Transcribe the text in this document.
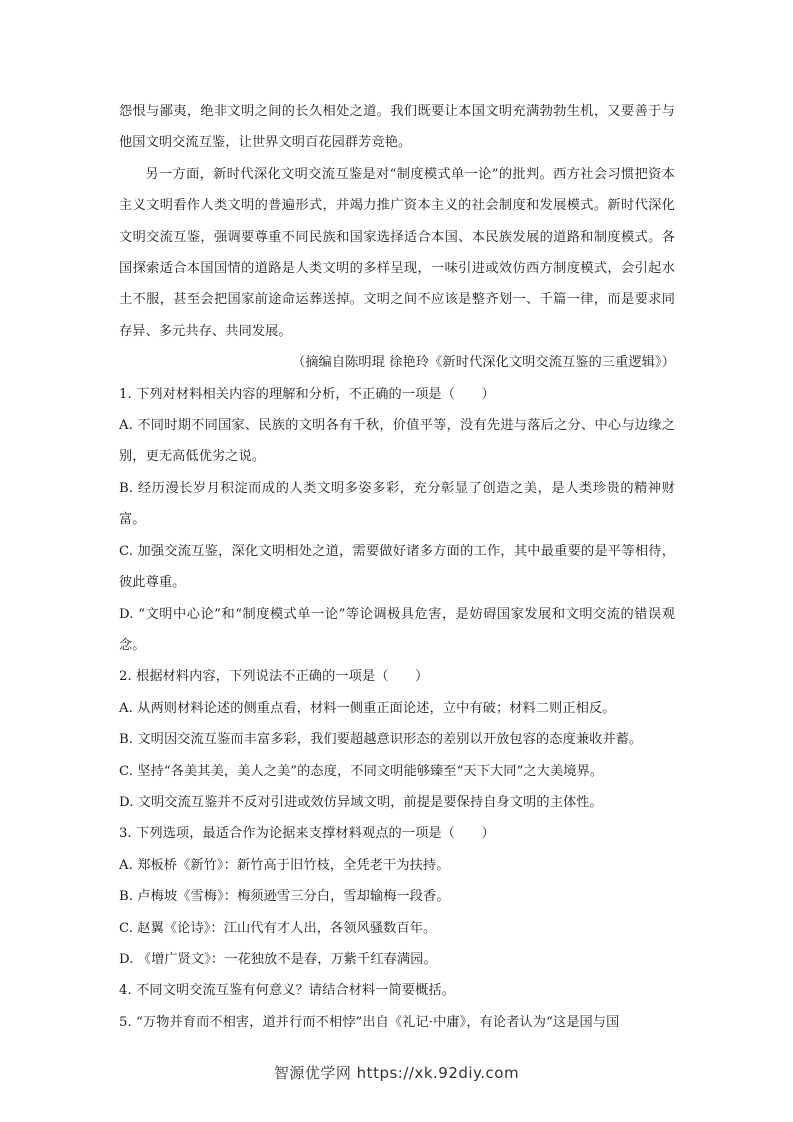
怨恨与鄙夷，绝非文明之间的长久相处之道。我们既要让本国文明充满勃勃生机，又要善于与他国文明交流互鉴，让世界文明百花园群芳竞艳。

另一方面，新时代深化文明交流互鉴是对“制度模式单一论”的批判。西方社会习惯把资本主义文明看作人类文明的普遍形式，并竭力推广资本主义的社会制度和发展模式。新时代深化文明交流互鉴，强调要尊重不同民族和国家选择适合本国、本民族发展的道路和制度模式。各国探索适合本国国情的道路是人类文明的多样呈现，一味引进或效仿西方制度模式，会引起水土不服，甚至会把国家前途命运葬送掉。文明之间不应该是整齐划一、千篇一律，而是要求同存异、多元共存、共同发展。

（摘编自陈明琨 徐艳玲《新时代深化文明交流互鉴的三重逻辑》）

1. 下列对材料相关内容的理解和分析，不正确的一项是（　　）

A. 不同时期不同国家、民族的文明各有千秋，价值平等，没有先进与落后之分、中心与边缘之别，更无高低优劣之说。

B. 经历漫长岁月积淀而成的人类文明多姿多彩，充分彰显了创造之美，是人类珍贵的精神财富。

C. 加强交流互鉴，深化文明相处之道，需要做好诸多方面的工作，其中最重要的是平等相待，彼此尊重。

D. “文明中心论”和“制度模式单一论”等论调极具危害，是妨碍国家发展和文明交流的错误观念。

2. 根据材料内容，下列说法不正确的一项是（　　）

A. 从两则材料论述的侧重点看，材料一侧重正面论述，立中有破；材料二则正相反。

B. 文明因交流互鉴而丰富多彩，我们要超越意识形态的差别以开放包容的态度兼收并蓄。

C. 坚持“各美其美，美人之美”的态度，不同文明能够臻至“天下大同”之大美境界。

D. 文明交流互鉴并不反对引进或效仿异域文明，前提是要保持自身文明的主体性。

3. 下列选项，最适合作为论据来支撑材料观点的一项是（　　）

A. 郑板桥《新竹》：新竹高于旧竹枝，全凭老干为扶持。

B. 卢梅坡《雪梅》：梅须逊雪三分白，雪却输梅一段香。

C. 赵翼《论诗》：江山代有才人出，各领风骚数百年。

D. 《增广贤文》：一花独放不是春，万紫千红春满园。

4. 不同文明交流互鉴有何意义？请结合材料一简要概括。

5. “万物并育而不相害，道并行而不相悖”出自《礼记·中庸》，有论者认为“这是国与国

智源优学网 https://xk.92diy.com
